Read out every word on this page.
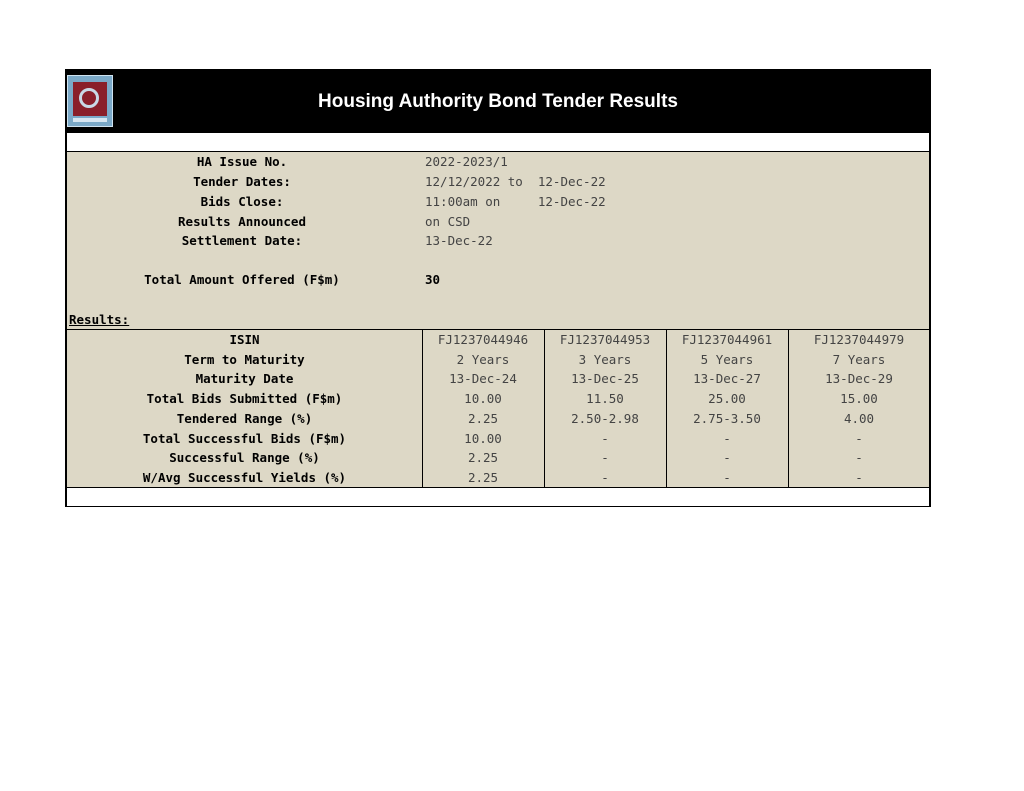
Housing Authority Bond Tender Results
HA Issue No.	2022-2023/1
Tender Dates:	12/12/2022 to  12-Dec-22
Bids Close:	11:00am on     12-Dec-22
Results Announced	on CSD
Settlement Date:	13-Dec-22
Total Amount Offered (F$m)	30
Results:
ISIN	FJ1237044946	FJ1237044953	FJ1237044961	FJ1237044979
Term to Maturity	2 Years	3 Years	5 Years	7 Years
Maturity Date	13-Dec-24	13-Dec-25	13-Dec-27	13-Dec-29
Total Bids Submitted (F$m)	10.00	11.50	25.00	15.00
Tendered Range (%)	2.25	2.50-2.98	2.75-3.50	4.00
Total Successful Bids (F$m)	10.00	-	-	-
Successful Range (%)	2.25	-	-	-
W/Avg Successful Yields (%)	2.25	-	-	-
